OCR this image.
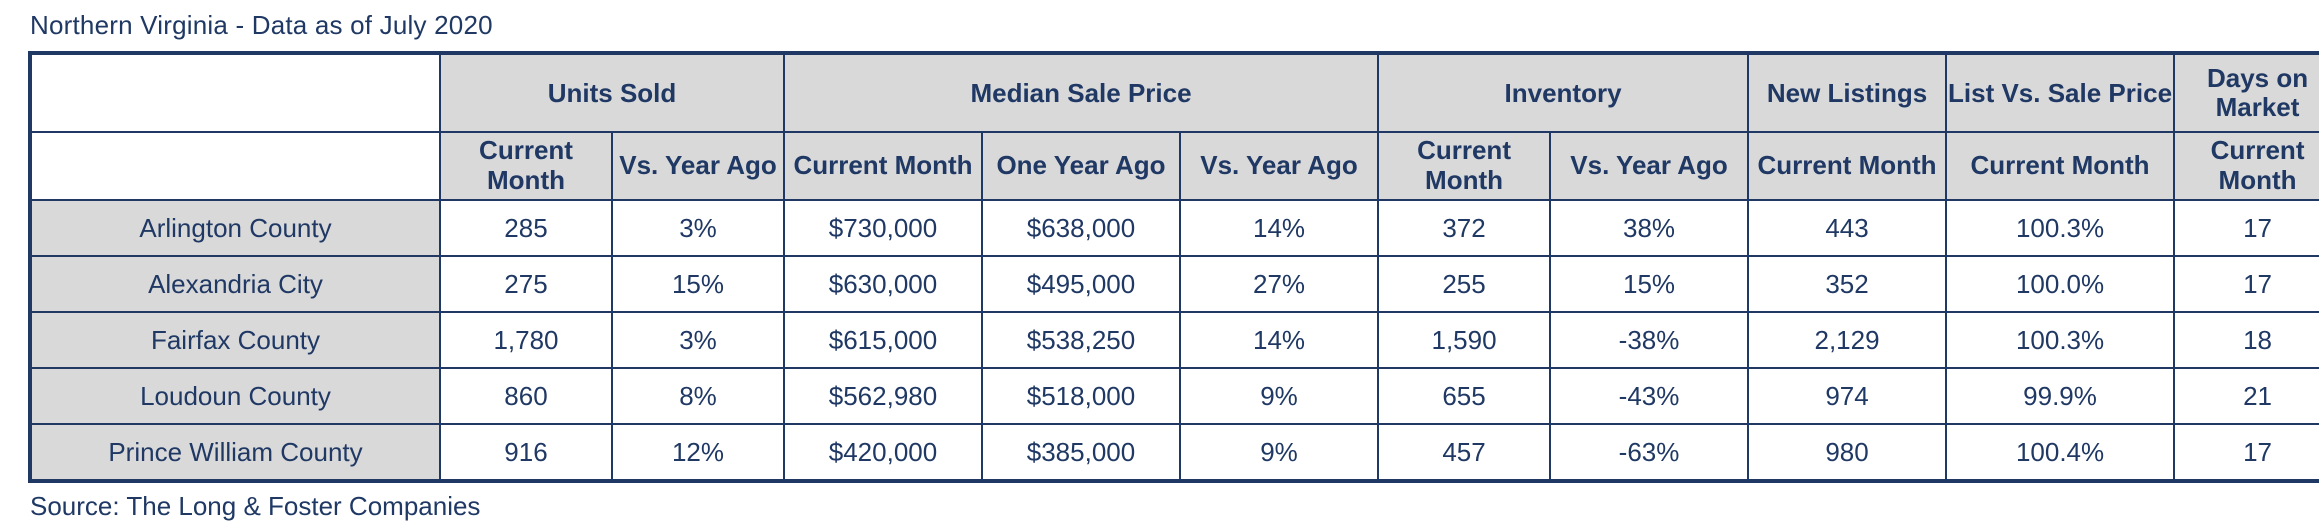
Northern Virginia - Data as of July 2020
	Units Sold		Median Sale Price			Inventory		New Listings	List Vs. Sale Price	Days on Market
	Current Month	Vs. Year Ago	Current Month	One Year Ago	Vs. Year Ago	Current Month	Vs. Year Ago	Current Month	Current Month	Current Month
Arlington County	285	3%	$730,000	$638,000	14%	372	38%	443	100.3%	17
Alexandria City	275	15%	$630,000	$495,000	27%	255	15%	352	100.0%	17
Fairfax County	1,780	3%	$615,000	$538,250	14%	1,590	-38%	2,129	100.3%	18
Loudoun County	860	8%	$562,980	$518,000	9%	655	-43%	974	99.9%	21
Prince William County	916	12%	$420,000	$385,000	9%	457	-63%	980	100.4%	17
Source: The Long & Foster Companies
